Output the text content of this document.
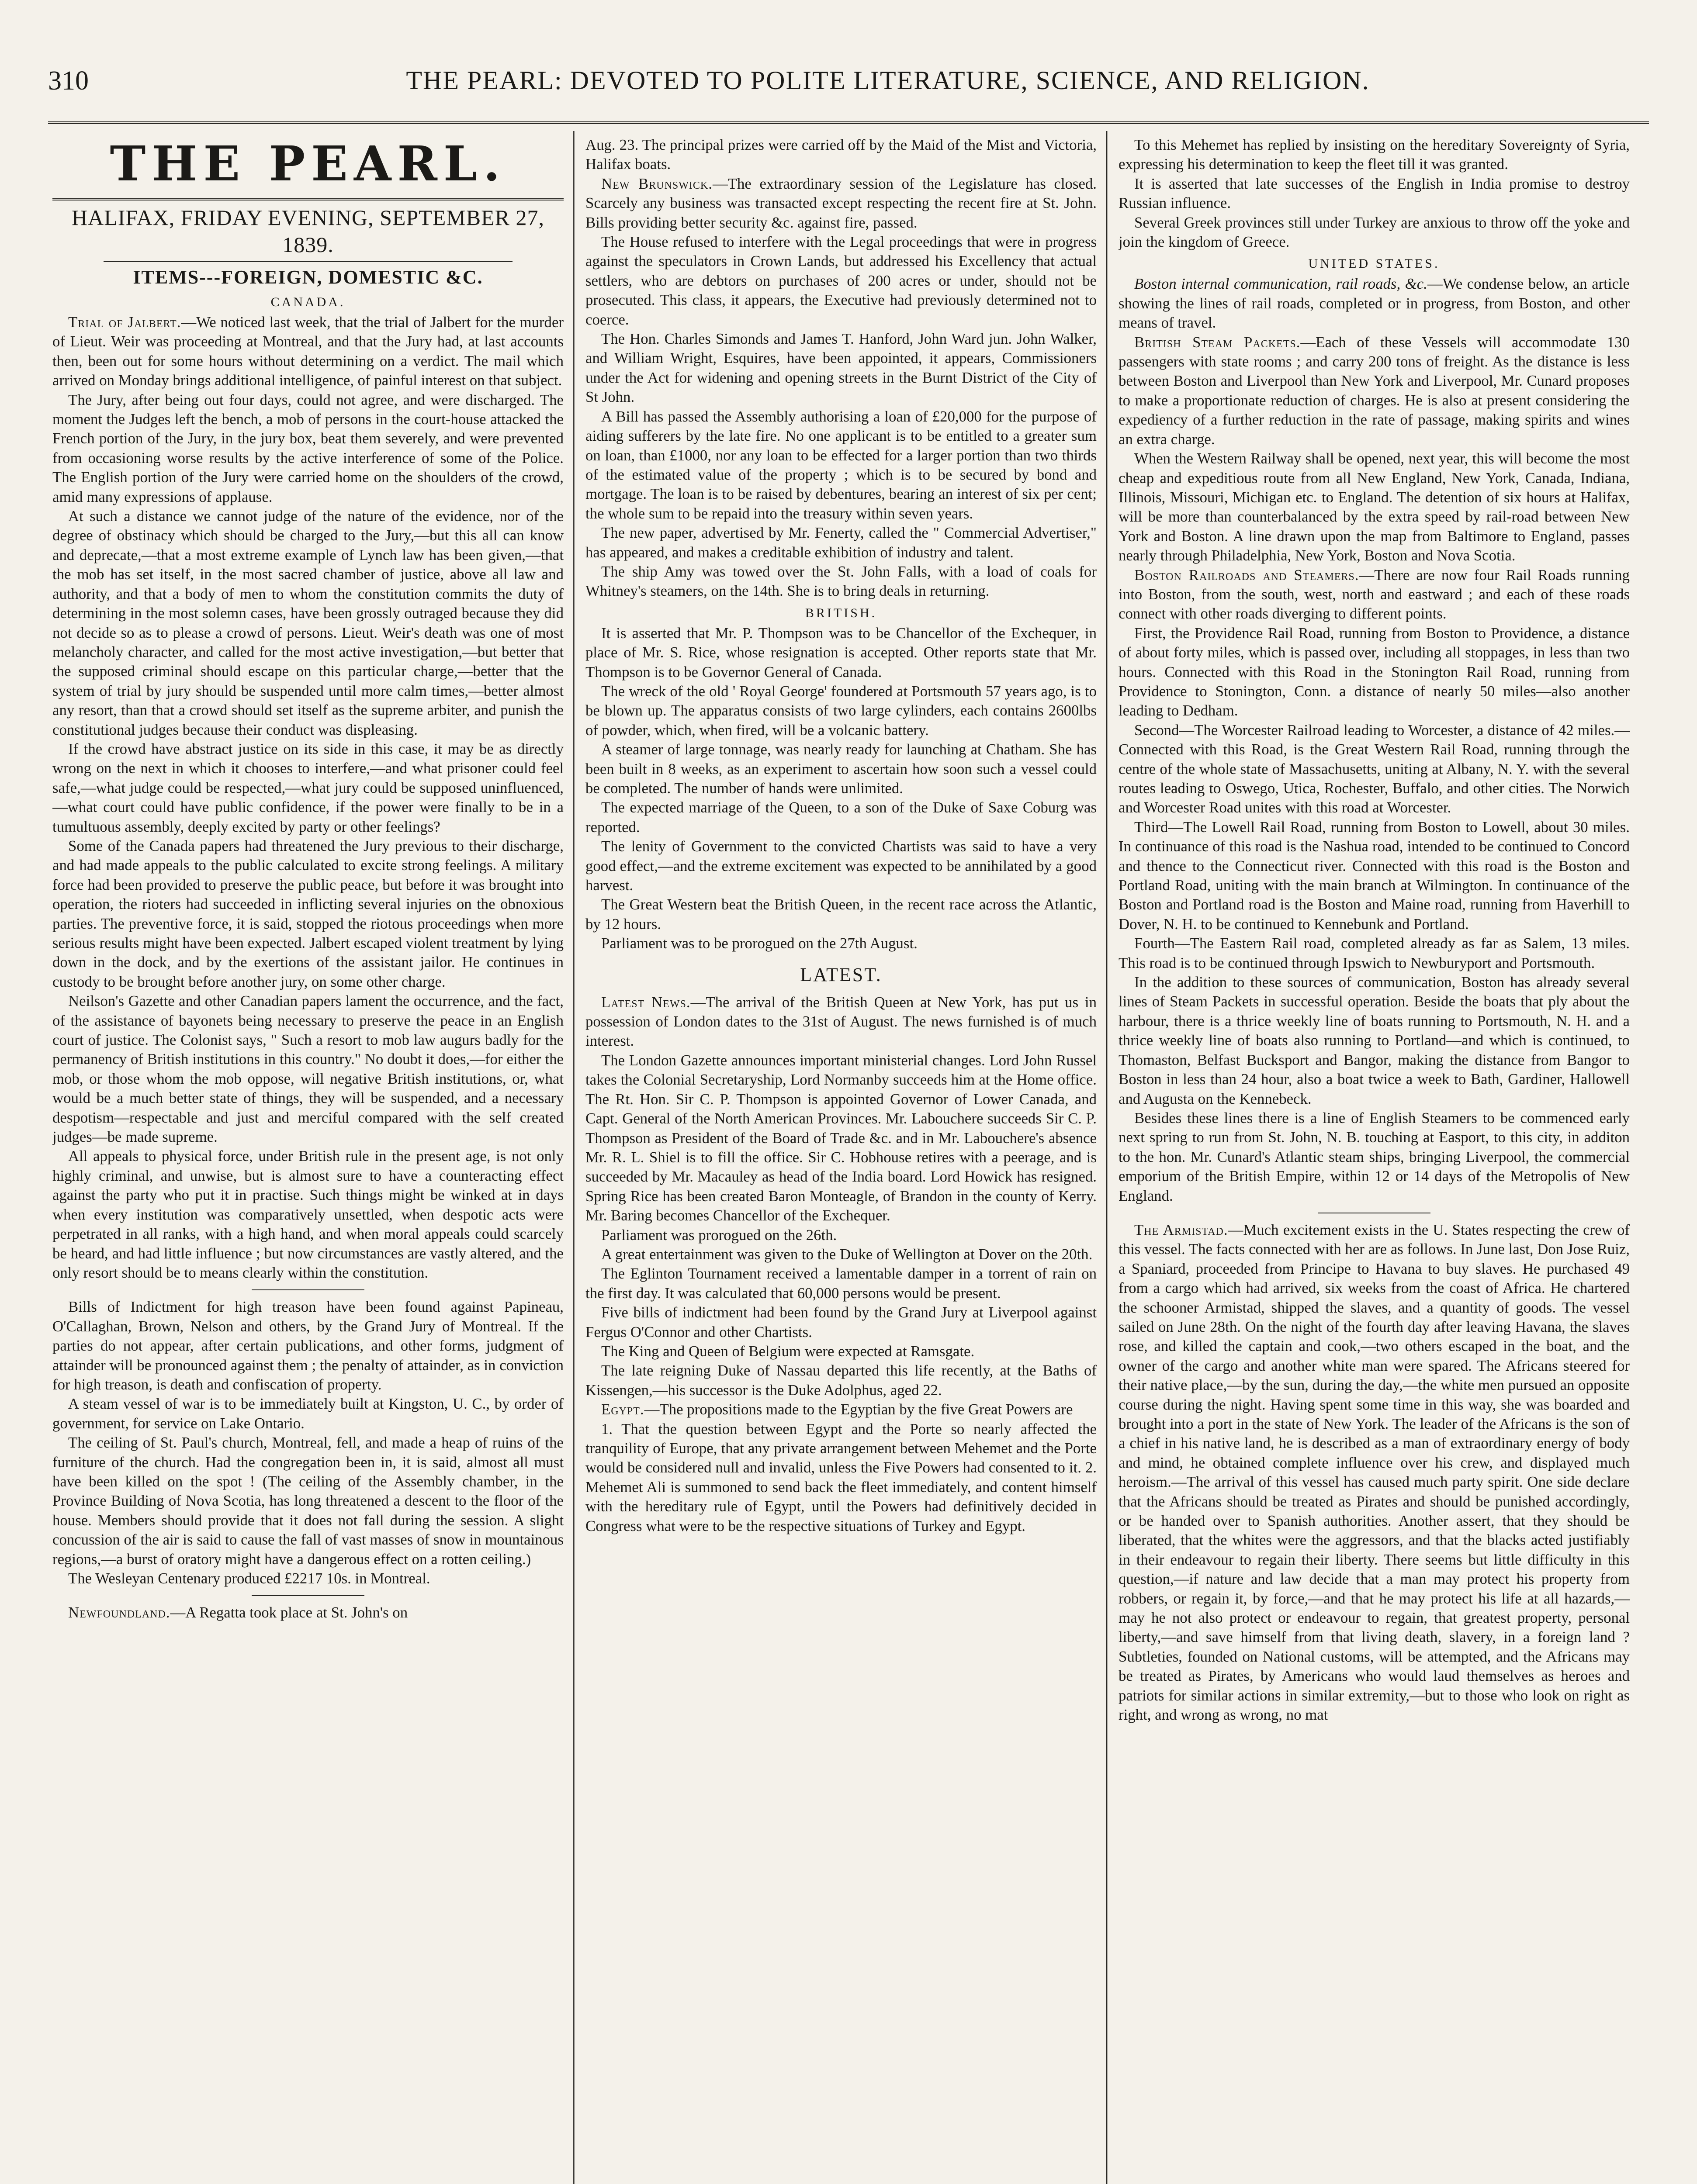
310	THE PEARL: DEVOTED TO POLITE LITERATURE, SCIENCE, AND RELIGION.
THE PEARL.
HALIFAX, FRIDAY EVENING, SEPTEMBER 27, 1839.
ITEMS---FOREIGN, DOMESTIC &C.
CANADA.

Trial of Jalbert.—We noticed last week, that the trial of Jalbert for the murder of Lieut. Weir was proceeding at Montreal, and that the Jury had, at last accounts then, been out for some hours without determining on a verdict. The mail which arrived on Monday brings additional intelligence, of painful interest on that subject.

The Jury, after being out four days, could not agree, and were discharged. The moment the Judges left the bench, a mob of persons in the court-house attacked the French portion of the Jury, in the jury box, beat them severely, and were prevented from occasioning worse results by the active interference of some of the Police. The English portion of the Jury were carried home on the shoulders of the crowd, amid many expressions of applause.

At such a distance we cannot judge of the nature of the evidence, nor of the degree of obstinacy which should be charged to the Jury,—but this all can know and deprecate,—that a most extreme example of Lynch law has been given,—that the mob has set itself, in the most sacred chamber of justice, above all law and authority, and that a body of men to whom the constitution commits the duty of determining in the most solemn cases, have been grossly outraged because they did not decide so as to please a crowd of persons. Lieut. Weir's death was one of most melancholy character, and called for the most active investigation,—but better that the supposed criminal should escape on this particular charge,—better that the system of trial by jury should be suspended until more calm times,—better almost any resort, than that a crowd should set itself as the supreme arbiter, and punish the constitutional judges because their conduct was displeasing.

If the crowd have abstract justice on its side in this case, it may be as directly wrong on the next in which it chooses to interfere,—and what prisoner could feel safe,—what judge could be respected,—what jury could be supposed uninfluenced,—what court could have public confidence, if the power were finally to be in a tumultuous assembly, deeply excited by party or other feelings?

Some of the Canada papers had threatened the Jury previous to their discharge, and had made appeals to the public calculated to excite strong feelings. A military force had been provided to preserve the public peace, but before it was brought into operation, the rioters had succeeded in inflicting several injuries on the obnoxious parties. The preventive force, it is said, stopped the riotous proceedings when more serious results might have been expected. Jalbert escaped violent treatment by lying down in the dock, and by the exertions of the assistant jailor. He continues in custody to be brought before another jury, on some other charge.

Neilson's Gazette and other Canadian papers lament the occurrence, and the fact, of the assistance of bayonets being necessary to preserve the peace in an English court of justice. The Colonist says, " Such a resort to mob law augurs badly for the permanency of British institutions in this country." No doubt it does,—for either the mob, or those whom the mob oppose, will negative British institutions, or, what would be a much better state of things, they will be suspended, and a necessary despotism—respectable and just and merciful compared with the self created judges—be made supreme.

All appeals to physical force, under British rule in the present age, is not only highly criminal, and unwise, but is almost sure to have a counteracting effect against the party who put it in practise. Such things might be winked at in days when every institution was comparatively unsettled, when despotic acts were perpetrated in all ranks, with a high hand, and when moral appeals could scarcely be heard, and had little influence ; but now circumstances are vastly altered, and the only resort should be to means clearly within the constitution.

Bills of Indictment for high treason have been found against Papineau, O'Callaghan, Brown, Nelson and others, by the Grand Jury of Montreal. If the parties do not appear, after certain publications, and other forms, judgment of attainder will be pronounced against them ; the penalty of attainder, as in conviction for high treason, is death and confiscation of property.

A steam vessel of war is to be immediately built at Kingston, U. C., by order of government, for service on Lake Ontario.

The ceiling of St. Paul's church, Montreal, fell, and made a heap of ruins of the furniture of the church. Had the congregation been in, it is said, almost all must have been killed on the spot ! (The ceiling of the Assembly chamber, in the Province Building of Nova Scotia, has long threatened a descent to the floor of the house. Members should provide that it does not fall during the session. A slight concussion of the air is said to cause the fall of vast masses of snow in mountainous regions,—a burst of oratory might have a dangerous effect on a rotten ceiling.)

The Wesleyan Centenary produced £2217 10s. in Montreal.

Newfoundland.—A Regatta took place at St. John's on

Aug. 23. The principal prizes were carried off by the Maid of the Mist and Victoria, Halifax boats.

New Brunswick.—The extraordinary session of the Legislature has closed. Scarcely any business was transacted except respecting the recent fire at St. John. Bills providing better security &c. against fire, passed.

The House refused to interfere with the Legal proceedings that were in progress against the speculators in Crown Lands, but addressed his Excellency that actual settlers, who are debtors on purchases of 200 acres or under, should not be prosecuted. This class, it appears, the Executive had previously determined not to coerce.

The Hon. Charles Simonds and James T. Hanford, John Ward jun. John Walker, and William Wright, Esquires, have been appointed, it appears, Commissioners under the Act for widening and opening streets in the Burnt District of the City of St John.

A Bill has passed the Assembly authorising a loan of £20,000 for the purpose of aiding sufferers by the late fire. No one applicant is to be entitled to a greater sum on loan, than £1000, nor any loan to be effected for a larger portion than two thirds of the estimated value of the property ; which is to be secured by bond and mortgage. The loan is to be raised by debentures, bearing an interest of six per cent; the whole sum to be repaid into the treasury within seven years.

The new paper, advertised by Mr. Fenerty, called the " Commercial Advertiser," has appeared, and makes a creditable exhibition of industry and talent.

The ship Amy was towed over the St. John Falls, with a load of coals for Whitney's steamers, on the 14th. She is to bring deals in returning.

BRITISH.

It is asserted that Mr. P. Thompson was to be Chancellor of the Exchequer, in place of Mr. S. Rice, whose resignation is accepted. Other reports state that Mr. Thompson is to be Governor General of Canada.

The wreck of the old ' Royal George' foundered at Portsmouth 57 years ago, is to be blown up. The apparatus consists of two large cylinders, each contains 2600lbs of powder, which, when fired, will be a volcanic battery.

A steamer of large tonnage, was nearly ready for launching at Chatham. She has been built in 8 weeks, as an experiment to ascertain how soon such a vessel could be completed. The number of hands were unlimited.

The expected marriage of the Queen, to a son of the Duke of Saxe Coburg was reported.

The lenity of Government to the convicted Chartists was said to have a very good effect,—and the extreme excitement was expected to be annihilated by a good harvest.

The Great Western beat the British Queen, in the recent race across the Atlantic, by 12 hours.

Parliament was to be prorogued on the 27th August.

LATEST.

Latest News.—The arrival of the British Queen at New York, has put us in possession of London dates to the 31st of August. The news furnished is of much interest.

The London Gazette announces important ministerial changes. Lord John Russel takes the Colonial Secretaryship, Lord Normanby succeeds him at the Home office. The Rt. Hon. Sir C. P. Thompson is appointed Governor of Lower Canada, and Capt. General of the North American Provinces. Mr. Labouchere succeeds Sir C. P. Thompson as President of the Board of Trade &c. and in Mr. Labouchere's absence Mr. R. L. Shiel is to fill the office. Sir C. Hobhouse retires with a peerage, and is succeeded by Mr. Macauley as head of the India board. Lord Howick has resigned. Spring Rice has been created Baron Monteagle, of Brandon in the county of Kerry. Mr. Baring becomes Chancellor of the Exchequer.

Parliament was prorogued on the 26th.

A great entertainment was given to the Duke of Wellington at Dover on the 20th.

The Eglinton Tournament received a lamentable damper in a torrent of rain on the first day. It was calculated that 60,000 persons would be present.

Five bills of indictment had been found by the Grand Jury at Liverpool against Fergus O'Connor and other Chartists.

The King and Queen of Belgium were expected at Ramsgate.

The late reigning Duke of Nassau departed this life recently, at the Baths of Kissengen,—his successor is the Duke Adolphus, aged 22.

Egypt.—The propositions made to the Egyptian by the five Great Powers are

1. That the question between Egypt and the Porte so nearly affected the tranquility of Europe, that any private arrangement between Mehemet and the Porte would be considered null and invalid, unless the Five Powers had consented to it. 2. Mehemet Ali is summoned to send back the fleet immediately, and content himself with the hereditary rule of Egypt, until the Powers had definitively decided in Congress what were to be the respective situations of Turkey and Egypt.

To this Mehemet has replied by insisting on the hereditary Sovereignty of Syria, expressing his determination to keep the fleet till it was granted.

It is asserted that late successes of the English in India promise to destroy Russian influence.

Several Greek provinces still under Turkey are anxious to throw off the yoke and join the kingdom of Greece.

UNITED STATES.

Boston internal communication, rail roads, &c.—We condense below, an article showing the lines of rail roads, completed or in progress, from Boston, and other means of travel.

British Steam Packets.—Each of these Vessels will accommodate 130 passengers with state rooms ; and carry 200 tons of freight. As the distance is less between Boston and Liverpool than New York and Liverpool, Mr. Cunard proposes to make a proportionate reduction of charges. He is also at present considering the expediency of a further reduction in the rate of passage, making spirits and wines an extra charge.

When the Western Railway shall be opened, next year, this will become the most cheap and expeditious route from all New England, New York, Canada, Indiana, Illinois, Missouri, Michigan etc. to England. The detention of six hours at Halifax, will be more than counterbalanced by the extra speed by rail-road between New York and Boston. A line drawn upon the map from Baltimore to England, passes nearly through Philadelphia, New York, Boston and Nova Scotia.

Boston Railroads and Steamers.—There are now four Rail Roads running into Boston, from the south, west, north and eastward ; and each of these roads connect with other roads diverging to different points.

First, the Providence Rail Road, running from Boston to Providence, a distance of about forty miles, which is passed over, including all stoppages, in less than two hours. Connected with this Road in the Stonington Rail Road, running from Providence to Stonington, Conn. a distance of nearly 50 miles—also another leading to Dedham.

Second—The Worcester Railroad leading to Worcester, a distance of 42 miles.—Connected with this Road, is the Great Western Rail Road, running through the centre of the whole state of Massachusetts, uniting at Albany, N. Y. with the several routes leading to Oswego, Utica, Rochester, Buffalo, and other cities. The Norwich and Worcester Road unites with this road at Worcester.

Third—The Lowell Rail Road, running from Boston to Lowell, about 30 miles. In continuance of this road is the Nashua road, intended to be continued to Concord and thence to the Connecticut river. Connected with this road is the Boston and Portland Road, uniting with the main branch at Wilmington. In continuance of the Boston and Portland road is the Boston and Maine road, running from Haverhill to Dover, N. H. to be continued to Kennebunk and Portland.

Fourth—The Eastern Rail road, completed already as far as Salem, 13 miles. This road is to be continued through Ipswich to Newburyport and Portsmouth.

In the addition to these sources of communication, Boston has already several lines of Steam Packets in successful operation. Beside the boats that ply about the harbour, there is a thrice weekly line of boats running to Portsmouth, N. H. and a thrice weekly line of boats also running to Portland—and which is continued, to Thomaston, Belfast Bucksport and Bangor, making the distance from Bangor to Boston in less than 24 hour, also a boat twice a week to Bath, Gardiner, Hallowell and Augusta on the Kennebeck.

Besides these lines there is a line of English Steamers to be commenced early next spring to run from St. John, N. B. touching at Easport, to this city, in additon to the hon. Mr. Cunard's Atlantic steam ships, bringing Liverpool, the commercial emporium of the British Empire, within 12 or 14 days of the Metropolis of New England.

The Armistad.—Much excitement exists in the U. States respecting the crew of this vessel. The facts connected with her are as follows. In June last, Don Jose Ruiz, a Spaniard, proceeded from Principe to Havana to buy slaves. He purchased 49 from a cargo which had arrived, six weeks from the coast of Africa. He chartered the schooner Armistad, shipped the slaves, and a quantity of goods. The vessel sailed on June 28th. On the night of the fourth day after leaving Havana, the slaves rose, and killed the captain and cook,—two others escaped in the boat, and the owner of the cargo and another white man were spared. The Africans steered for their native place,—by the sun, during the day,—the white men pursued an opposite course during the night. Having spent some time in this way, she was boarded and brought into a port in the state of New York. The leader of the Africans is the son of a chief in his native land, he is described as a man of extraordinary energy of body and mind, he obtained complete influence over his crew, and displayed much heroism.—The arrival of this vessel has caused much party spirit. One side declare that the Africans should be treated as Pirates and should be punished accordingly, or be handed over to Spanish authorities. Another assert, that they should be liberated, that the whites were the aggressors, and that the blacks acted justifiably in their endeavour to regain their liberty. There seems but little difficulty in this question,—if nature and law decide that a man may protect his property from robbers, or regain it, by force,—and that he may protect his life at all hazards,—may he not also protect or endeavour to regain, that greatest property, personal liberty,—and save himself from that living death, slavery, in a foreign land ? Subtleties, founded on National customs, will be attempted, and the Africans may be treated as Pirates, by Americans who would laud themselves as heroes and patriots for similar actions in similar extremity,—but to those who look on right as right, and wrong as wrong, no mat
